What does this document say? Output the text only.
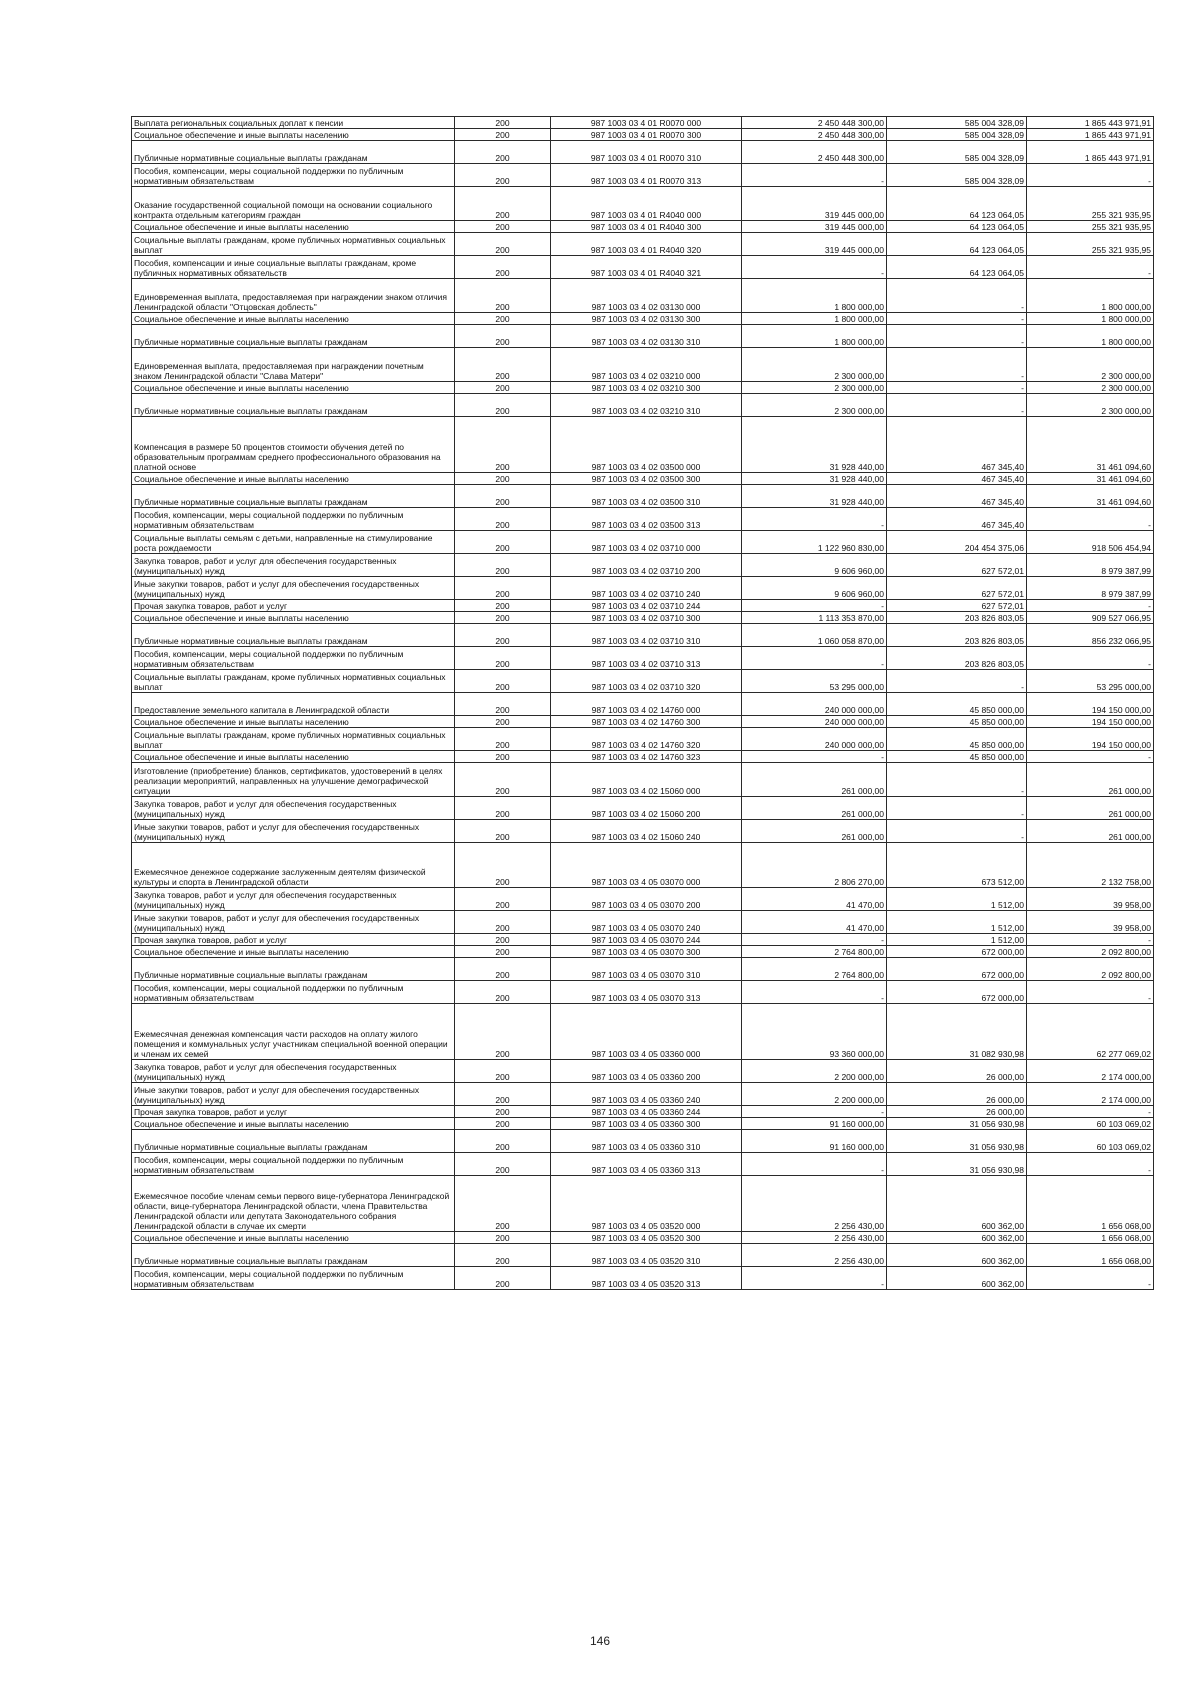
Выплата региональных социальных доплат к пенсии	200	987 1003 03 4 01 R0070 000	2 450 448 300,00	585 004 328,09	1 865 443 971,91
Социальное обеспечение и иные выплаты населению	200	987 1003 03 4 01 R0070 300	2 450 448 300,00	585 004 328,09	1 865 443 971,91
Публичные нормативные социальные выплаты гражданам	200	987 1003 03 4 01 R0070 310	2 450 448 300,00	585 004 328,09	1 865 443 971,91
Пособия, компенсации, меры социальной поддержки по публичным нормативным обязательствам	200	987 1003 03 4 01 R0070 313	-	585 004 328,09	-
Оказание государственной социальной помощи на основании социального контракта отдельным категориям граждан	200	987 1003 03 4 01 R4040 000	319 445 000,00	64 123 064,05	255 321 935,95
Социальное обеспечение и иные выплаты населению	200	987 1003 03 4 01 R4040 300	319 445 000,00	64 123 064,05	255 321 935,95
Социальные выплаты гражданам, кроме публичных нормативных социальных выплат	200	987 1003 03 4 01 R4040 320	319 445 000,00	64 123 064,05	255 321 935,95
Пособия, компенсации и иные социальные выплаты гражданам, кроме публичных нормативных обязательств	200	987 1003 03 4 01 R4040 321	-	64 123 064,05	-
Единовременная выплата, предоставляемая при награждении знаком отличия Ленинградской области "Отцовская доблесть"	200	987 1003 03 4 02 03130 000	1 800 000,00	-	1 800 000,00
Социальное обеспечение и иные выплаты населению	200	987 1003 03 4 02 03130 300	1 800 000,00	-	1 800 000,00
Публичные нормативные социальные выплаты гражданам	200	987 1003 03 4 02 03130 310	1 800 000,00	-	1 800 000,00
Единовременная выплата, предоставляемая при награждении почетным знаком Ленинградской области "Слава Матери"	200	987 1003 03 4 02 03210 000	2 300 000,00	-	2 300 000,00
Социальное обеспечение и иные выплаты населению	200	987 1003 03 4 02 03210 300	2 300 000,00	-	2 300 000,00
Публичные нормативные социальные выплаты гражданам	200	987 1003 03 4 02 03210 310	2 300 000,00	-	2 300 000,00
Компенсация в размере 50 процентов стоимости обучения детей по образовательным программам среднего профессионального образования на платной основе	200	987 1003 03 4 02 03500 000	31 928 440,00	467 345,40	31 461 094,60
Социальное обеспечение и иные выплаты населению	200	987 1003 03 4 02 03500 300	31 928 440,00	467 345,40	31 461 094,60
Публичные нормативные социальные выплаты гражданам	200	987 1003 03 4 02 03500 310	31 928 440,00	467 345,40	31 461 094,60
Пособия, компенсации, меры социальной поддержки по публичным нормативным обязательствам	200	987 1003 03 4 02 03500 313	-	467 345,40	-
Социальные выплаты семьям с детьми, направленные на стимулирование роста рождаемости	200	987 1003 03 4 02 03710 000	1 122 960 830,00	204 454 375,06	918 506 454,94
Закупка товаров, работ и услуг для обеспечения государственных (муниципальных) нужд	200	987 1003 03 4 02 03710 200	9 606 960,00	627 572,01	8 979 387,99
Иные закупки товаров, работ и услуг для обеспечения государственных (муниципальных) нужд	200	987 1003 03 4 02 03710 240	9 606 960,00	627 572,01	8 979 387,99
Прочая закупка товаров, работ и услуг	200	987 1003 03 4 02 03710 244	-	627 572,01	-
Социальное обеспечение и иные выплаты населению	200	987 1003 03 4 02 03710 300	1 113 353 870,00	203 826 803,05	909 527 066,95
Публичные нормативные социальные выплаты гражданам	200	987 1003 03 4 02 03710 310	1 060 058 870,00	203 826 803,05	856 232 066,95
Пособия, компенсации, меры социальной поддержки по публичным нормативным обязательствам	200	987 1003 03 4 02 03710 313	-	203 826 803,05	-
Социальные выплаты гражданам, кроме публичных нормативных социальных выплат	200	987 1003 03 4 02 03710 320	53 295 000,00	-	53 295 000,00
Предоставление земельного капитала в Ленинградской области	200	987 1003 03 4 02 14760 000	240 000 000,00	45 850 000,00	194 150 000,00
Социальное обеспечение и иные выплаты населению	200	987 1003 03 4 02 14760 300	240 000 000,00	45 850 000,00	194 150 000,00
Социальные выплаты гражданам, кроме публичных нормативных социальных выплат	200	987 1003 03 4 02 14760 320	240 000 000,00	45 850 000,00	194 150 000,00
Социальное обеспечение и иные выплаты населению	200	987 1003 03 4 02 14760 323	-	45 850 000,00	-
Изготовление (приобретение) бланков, сертификатов, удостоверений в целях реализации мероприятий, направленных на улучшение демографической ситуации	200	987 1003 03 4 02 15060 000	261 000,00	-	261 000,00
Закупка товаров, работ и услуг для обеспечения государственных (муниципальных) нужд	200	987 1003 03 4 02 15060 200	261 000,00	-	261 000,00
Иные закупки товаров, работ и услуг для обеспечения государственных (муниципальных) нужд	200	987 1003 03 4 02 15060 240	261 000,00	-	261 000,00
Ежемесячное денежное содержание заслуженным деятелям физической культуры и спорта в Ленинградской области	200	987 1003 03 4 05 03070 000	2 806 270,00	673 512,00	2 132 758,00
Закупка товаров, работ и услуг для обеспечения государственных (муниципальных) нужд	200	987 1003 03 4 05 03070 200	41 470,00	1 512,00	39 958,00
Иные закупки товаров, работ и услуг для обеспечения государственных (муниципальных) нужд	200	987 1003 03 4 05 03070 240	41 470,00	1 512,00	39 958,00
Прочая закупка товаров, работ и услуг	200	987 1003 03 4 05 03070 244	-	1 512,00	-
Социальное обеспечение и иные выплаты населению	200	987 1003 03 4 05 03070 300	2 764 800,00	672 000,00	2 092 800,00
Публичные нормативные социальные выплаты гражданам	200	987 1003 03 4 05 03070 310	2 764 800,00	672 000,00	2 092 800,00
Пособия, компенсации, меры социальной поддержки по публичным нормативным обязательствам	200	987 1003 03 4 05 03070 313	-	672 000,00	-
Ежемесячная денежная компенсация части расходов на оплату жилого помещения и коммунальных услуг участникам специальной военной операции и членам их семей	200	987 1003 03 4 05 03360 000	93 360 000,00	31 082 930,98	62 277 069,02
Закупка товаров, работ и услуг для обеспечения государственных (муниципальных) нужд	200	987 1003 03 4 05 03360 200	2 200 000,00	26 000,00	2 174 000,00
Иные закупки товаров, работ и услуг для обеспечения государственных (муниципальных) нужд	200	987 1003 03 4 05 03360 240	2 200 000,00	26 000,00	2 174 000,00
Прочая закупка товаров, работ и услуг	200	987 1003 03 4 05 03360 244	-	26 000,00	-
Социальное обеспечение и иные выплаты населению	200	987 1003 03 4 05 03360 300	91 160 000,00	31 056 930,98	60 103 069,02
Публичные нормативные социальные выплаты гражданам	200	987 1003 03 4 05 03360 310	91 160 000,00	31 056 930,98	60 103 069,02
Пособия, компенсации, меры социальной поддержки по публичным нормативным обязательствам	200	987 1003 03 4 05 03360 313	-	31 056 930,98	-
Ежемесячное пособие членам семьи первого вице-губернатора Ленинградской области, вице-губернатора Ленинградской области, члена Правительства Ленинградской области или депутата Законодательного собрания Ленинградской области в случае их смерти	200	987 1003 03 4 05 03520 000	2 256 430,00	600 362,00	1 656 068,00
Социальное обеспечение и иные выплаты населению	200	987 1003 03 4 05 03520 300	2 256 430,00	600 362,00	1 656 068,00
Публичные нормативные социальные выплаты гражданам	200	987 1003 03 4 05 03520 310	2 256 430,00	600 362,00	1 656 068,00
Пособия, компенсации, меры социальной поддержки по публичным нормативным обязательствам	200	987 1003 03 4 05 03520 313	-	600 362,00	-
146
